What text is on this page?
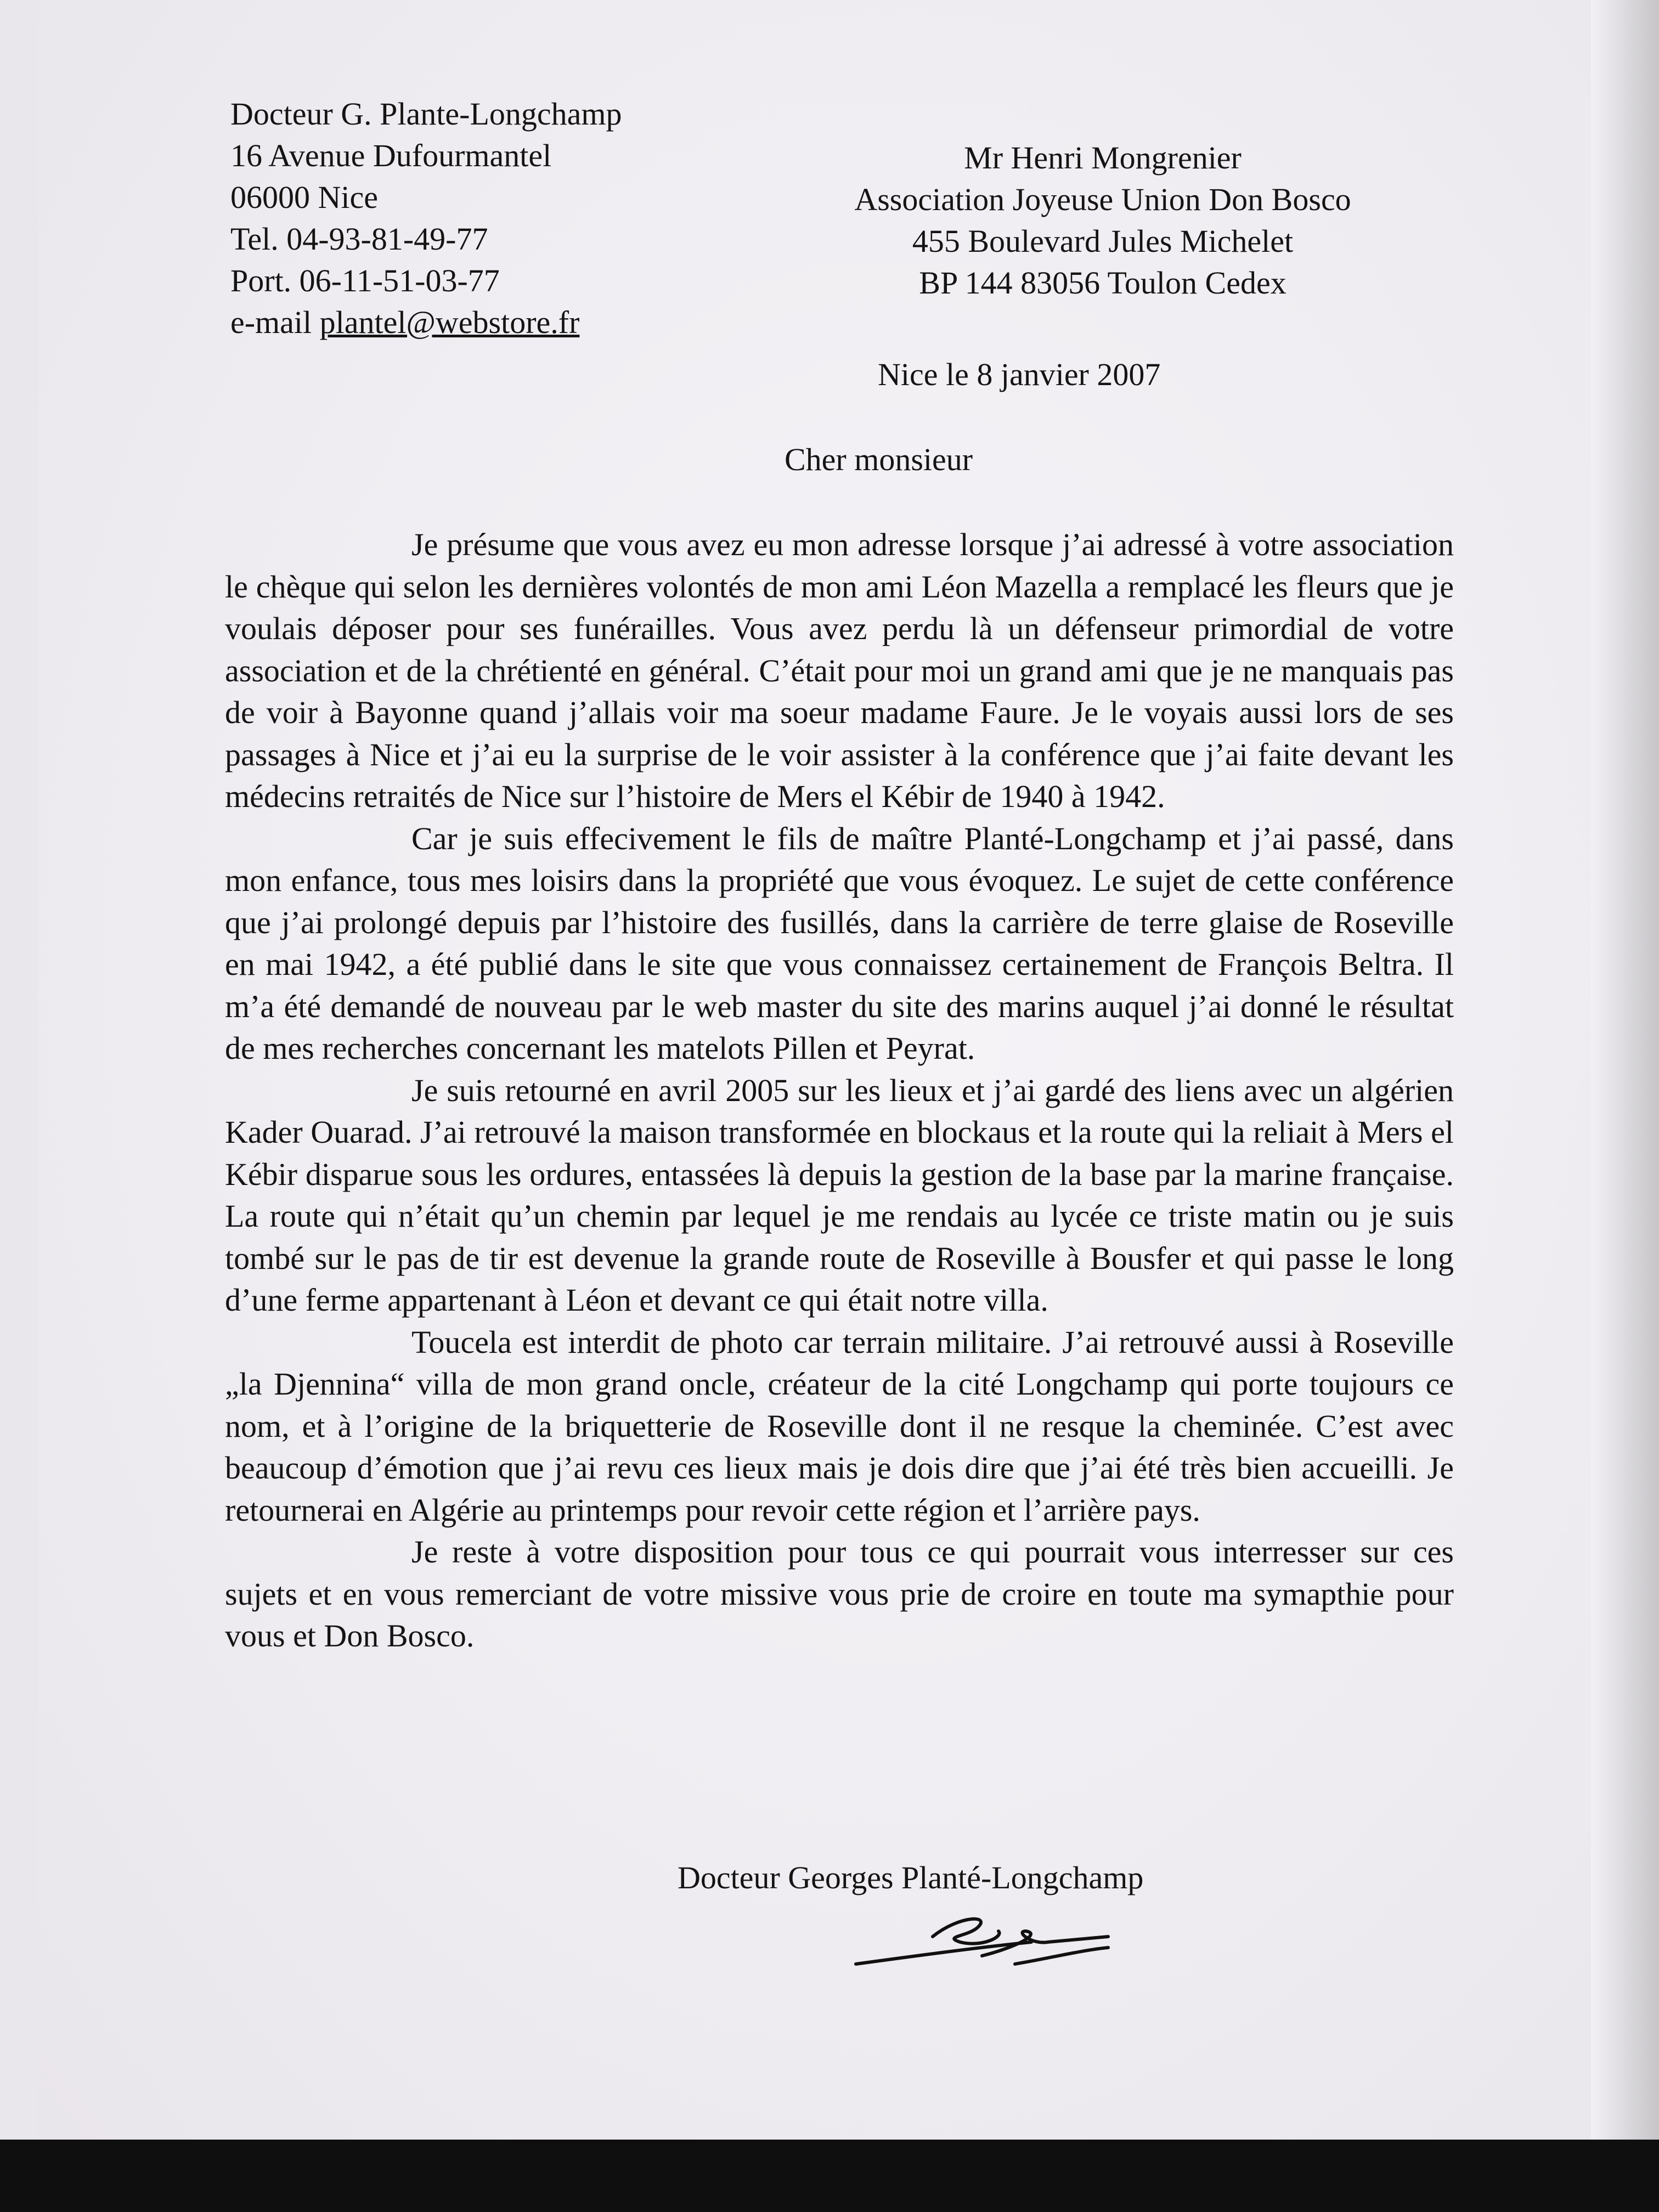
Docteur G. Plante-Longchamp
16 Avenue Dufourmantel
06000 Nice
Tel. 04-93-81-49-77
Port. 06-11-51-03-77
e-mail plantel@webstore.fr
Mr Henri Mongrenier
Association Joyeuse Union Don Bosco
455 Boulevard Jules Michelet
BP 144 83056 Toulon Cedex
Nice le 8 janvier 2007
Cher monsieur

Je présume que vous avez eu mon adresse lorsque j’ai adressé à votre association le chèque qui selon les dernières volontés de mon ami Léon Mazella a remplacé les fleurs que je voulais déposer pour ses funérailles. Vous avez perdu là un défenseur primordial de votre association et de la chrétienté en général. C’était pour moi un grand ami que je ne manquais pas de voir à Bayonne quand j’allais voir ma soeur madame Faure. Je le voyais aussi lors de ses passages à Nice et j’ai eu la surprise de le voir assister à la conférence que j’ai faite devant les médecins retraités de Nice sur l’histoire de Mers el Kébir de 1940 à 1942.

Car je suis effecivement le fils de maître Planté-Longchamp et j’ai passé, dans mon enfance, tous mes loisirs dans la propriété que vous évoquez. Le sujet de cette conférence que j’ai prolongé depuis par l’histoire des fusillés, dans la carrière de terre glaise de Roseville en mai 1942, a été publié dans le site que vous connaissez certainement de François Beltra. Il m’a été demandé de nouveau par le web master du site des marins auquel j’ai donné le résultat de mes recherches concernant les matelots Pillen et Peyrat.

Je suis retourné en avril 2005 sur les lieux et j’ai gardé des liens avec un algérien Kader Ouarad. J’ai retrouvé la maison transformée en blockaus et la route qui la reliait à Mers el Kébir disparue sous les ordures, entassées là depuis la gestion de la base par la marine française. La route qui n’était qu’un chemin par lequel je me rendais au lycée ce triste matin ou je suis tombé sur le pas de tir est devenue la grande route de Roseville à Bousfer et qui passe le long d’une ferme appartenant à Léon et devant ce qui était notre villa.

Toucela est interdit de photo car terrain militaire. J’ai retrouvé aussi à Roseville „la Djennina“ villa de mon grand oncle, créateur de la cité Longchamp qui porte toujours ce nom, et à l’origine de la briquetterie de Roseville dont il ne resque la cheminée. C’est avec beaucoup d’émotion que j’ai revu ces lieux mais je dois dire que j’ai été très bien accueilli. Je retournerai en Algérie au printemps pour revoir cette région et l’arrière pays.

Je reste à votre disposition pour tous ce qui pourrait vous interresser sur ces sujets et en vous remerciant de votre missive vous prie de croire en toute ma symapthie pour vous et Don Bosco.

Docteur Georges Planté-Longchamp
